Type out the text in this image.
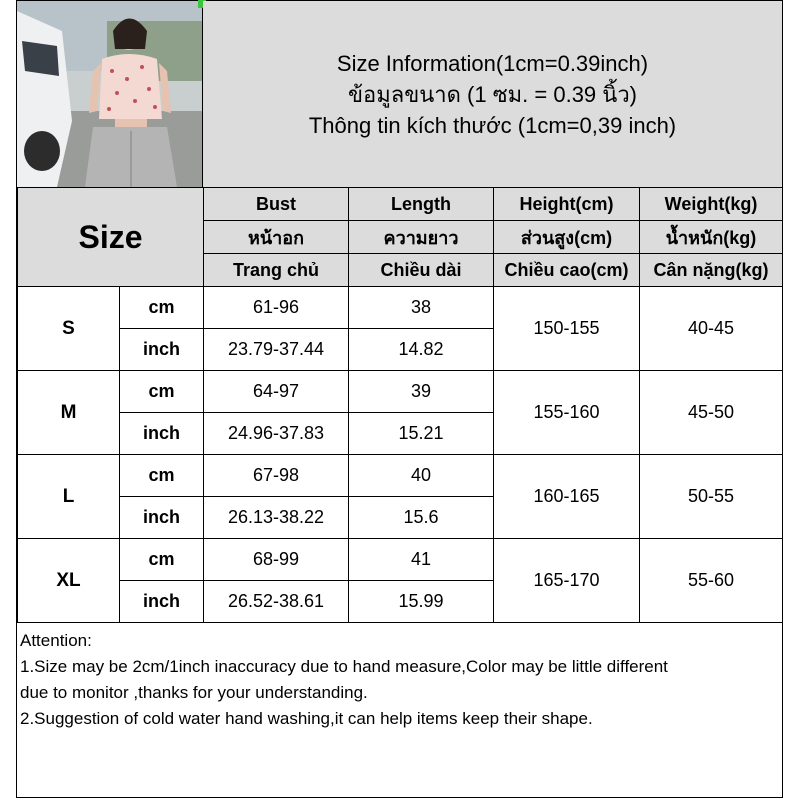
Size Information(1cm=0.39inch)
ข้อมูลขนาด (1 ซม. = 0.39 นิ้ว)
Thông tin kích thước (1cm=0,39 inch)
Size		Bust	Length	Height(cm)	Weight(kg)
		หน้าอก	ความยาว	ส่วนสูง(cm)	น้ำหนัก(kg)
		Trang chủ	Chiều dài	Chiều cao(cm)	Cân nặng(kg)
S	cm	61-96	38	150-155	40-45
	inch	23.79-37.44	14.82		
M	cm	64-97	39	155-160	45-50
	inch	24.96-37.83	15.21		
L	cm	67-98	40	160-165	50-55
	inch	26.13-38.22	15.6		
XL	cm	68-99	41	165-170	55-60
	inch	26.52-38.61	15.99		
Attention:
1.Size may be 2cm/1inch inaccuracy due to hand measure,Color may be little different
due to monitor ,thanks for your understanding.
2.Suggestion of cold water hand washing,it can help items keep their shape.
